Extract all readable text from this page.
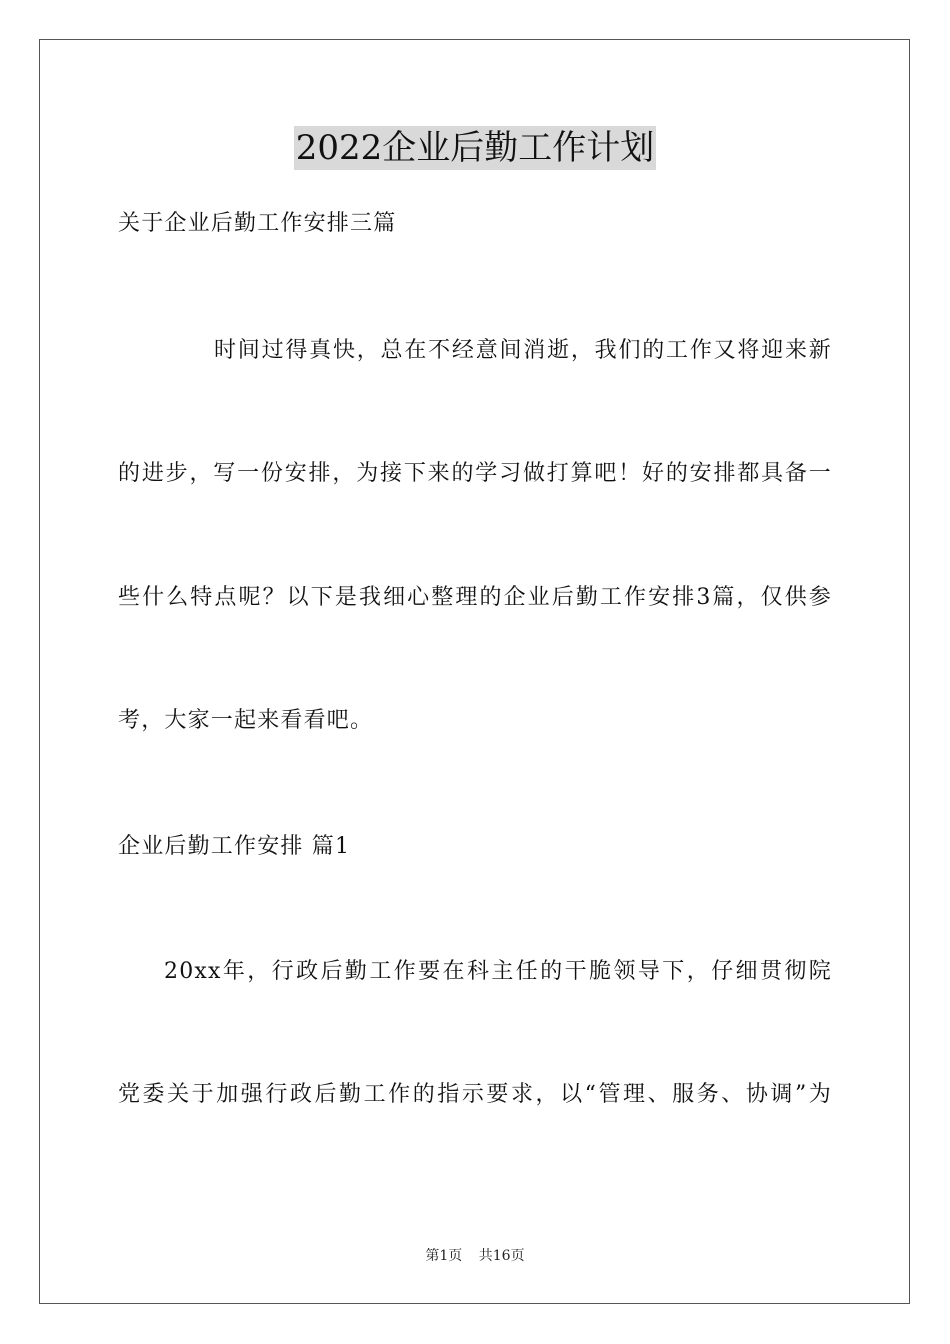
2022企业后勤工作计划

关于企业后勤工作安排三篇

时间过得真快，总在不经意间消逝，我们的工作又将迎来新

的进步，写一份安排，为接下来的学习做打算吧！好的安排都具备一

些什么特点呢？以下是我细心整理的企业后勤工作安排3篇，仅供参

考，大家一起来看看吧。

企业后勤工作安排 篇1

20xx年，行政后勤工作要在科主任的干脆领导下，仔细贯彻院

党委关于加强行政后勤工作的指示要求，以“管理、服务、协调”为

第1页 共16页
